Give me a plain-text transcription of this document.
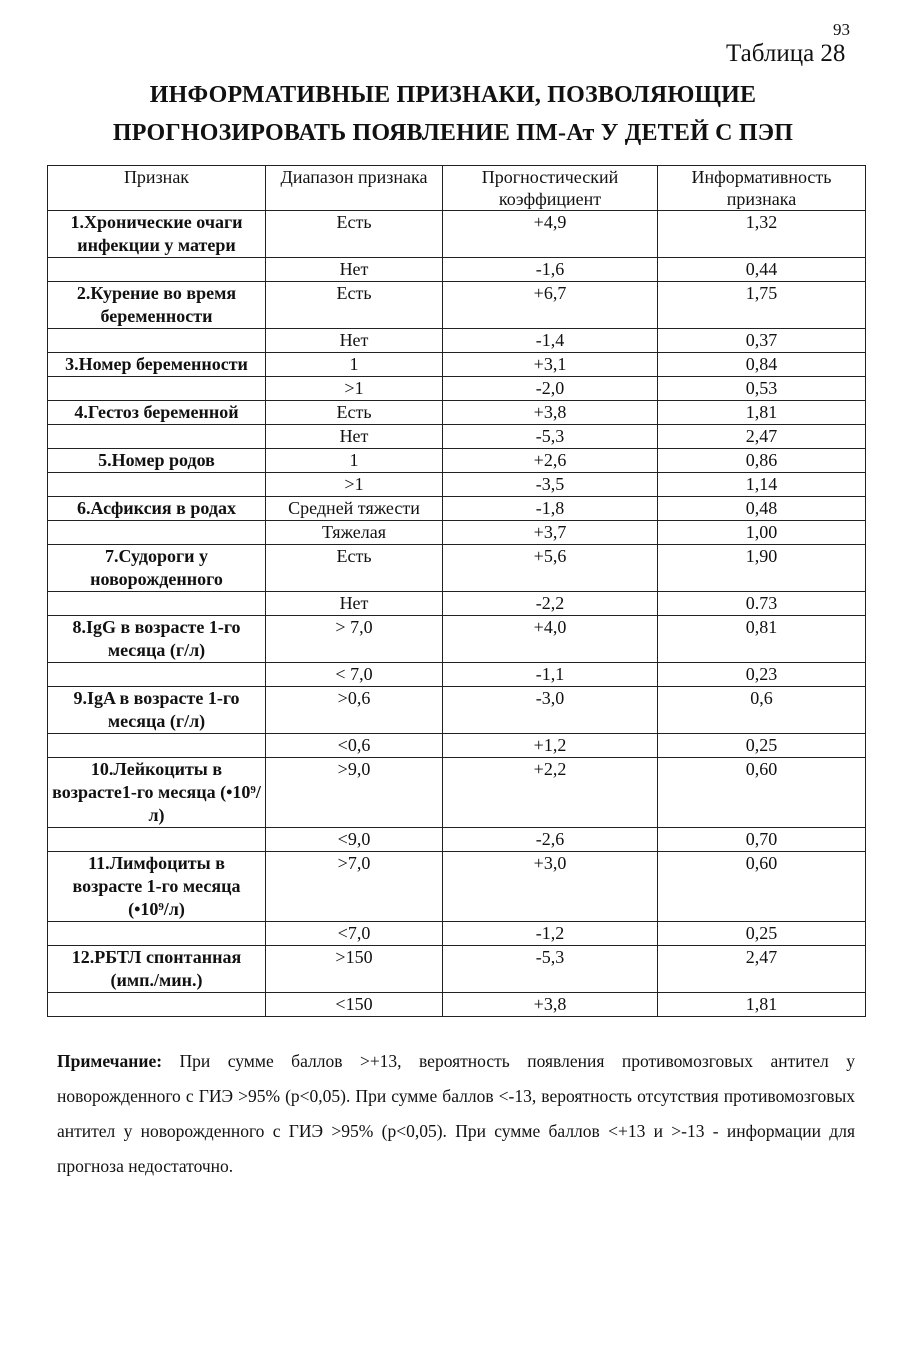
93
Таблица 28
ИНФОРМАТИВНЫЕ ПРИЗНАКИ, ПОЗВОЛЯЮЩИЕ
ПРОГНОЗИРОВАТЬ ПОЯВЛЕНИЕ ПМ-Ат У ДЕТЕЙ С ПЭП
Признак	Диапазон признака	Прогностический коэффициент	Информативность признака
1.Хронические очаги инфекции у матери	Есть	+4,9	1,32
	Нет	-1,6	0,44
2.Курение во время беременности	Есть	+6,7	1,75
	Нет	-1,4	0,37
3.Номер беременности	1	+3,1	0,84
	>1	-2,0	0,53
4.Гестоз беременной	Есть	+3,8	1,81
	Нет	-5,3	2,47
5.Номер родов	1	+2,6	0,86
	>1	-3,5	1,14
6.Асфиксия в родах	Средней тяжести	-1,8	0,48
	Тяжелая	+3,7	1,00
7.Судороги у новорожденного	Есть	+5,6	1,90
	Нет	-2,2	0.73
8.IgG в возрасте 1-го месяца (г/л)	> 7,0	+4,0	0,81
	< 7,0	-1,1	0,23
9.IgA в возрасте 1-го месяца (г/л)	>0,6	-3,0	0,6
	<0,6	+1,2	0,25
10.Лейкоциты в возрасте1-го месяца (•10⁹/л)	>9,0	+2,2	0,60
	<9,0	-2,6	0,70
11.Лимфоциты в возрасте 1-го месяца (•10⁹/л)	>7,0	+3,0	0,60
	<7,0	-1,2	0,25
12.РБТЛ спонтанная (имп./мин.)	>150	-5,3	2,47
	<150	+3,8	1,81
Примечание: При сумме баллов >+13, вероятность появления противомозговых антител у новорожденного с ГИЭ >95% (p<0,05). При сумме баллов <-13, вероятность отсутствия противомозговых антител у новорожденного с ГИЭ >95% (p<0,05). При сумме баллов <+13 и >-13 - информации для прогноза недостаточно.
